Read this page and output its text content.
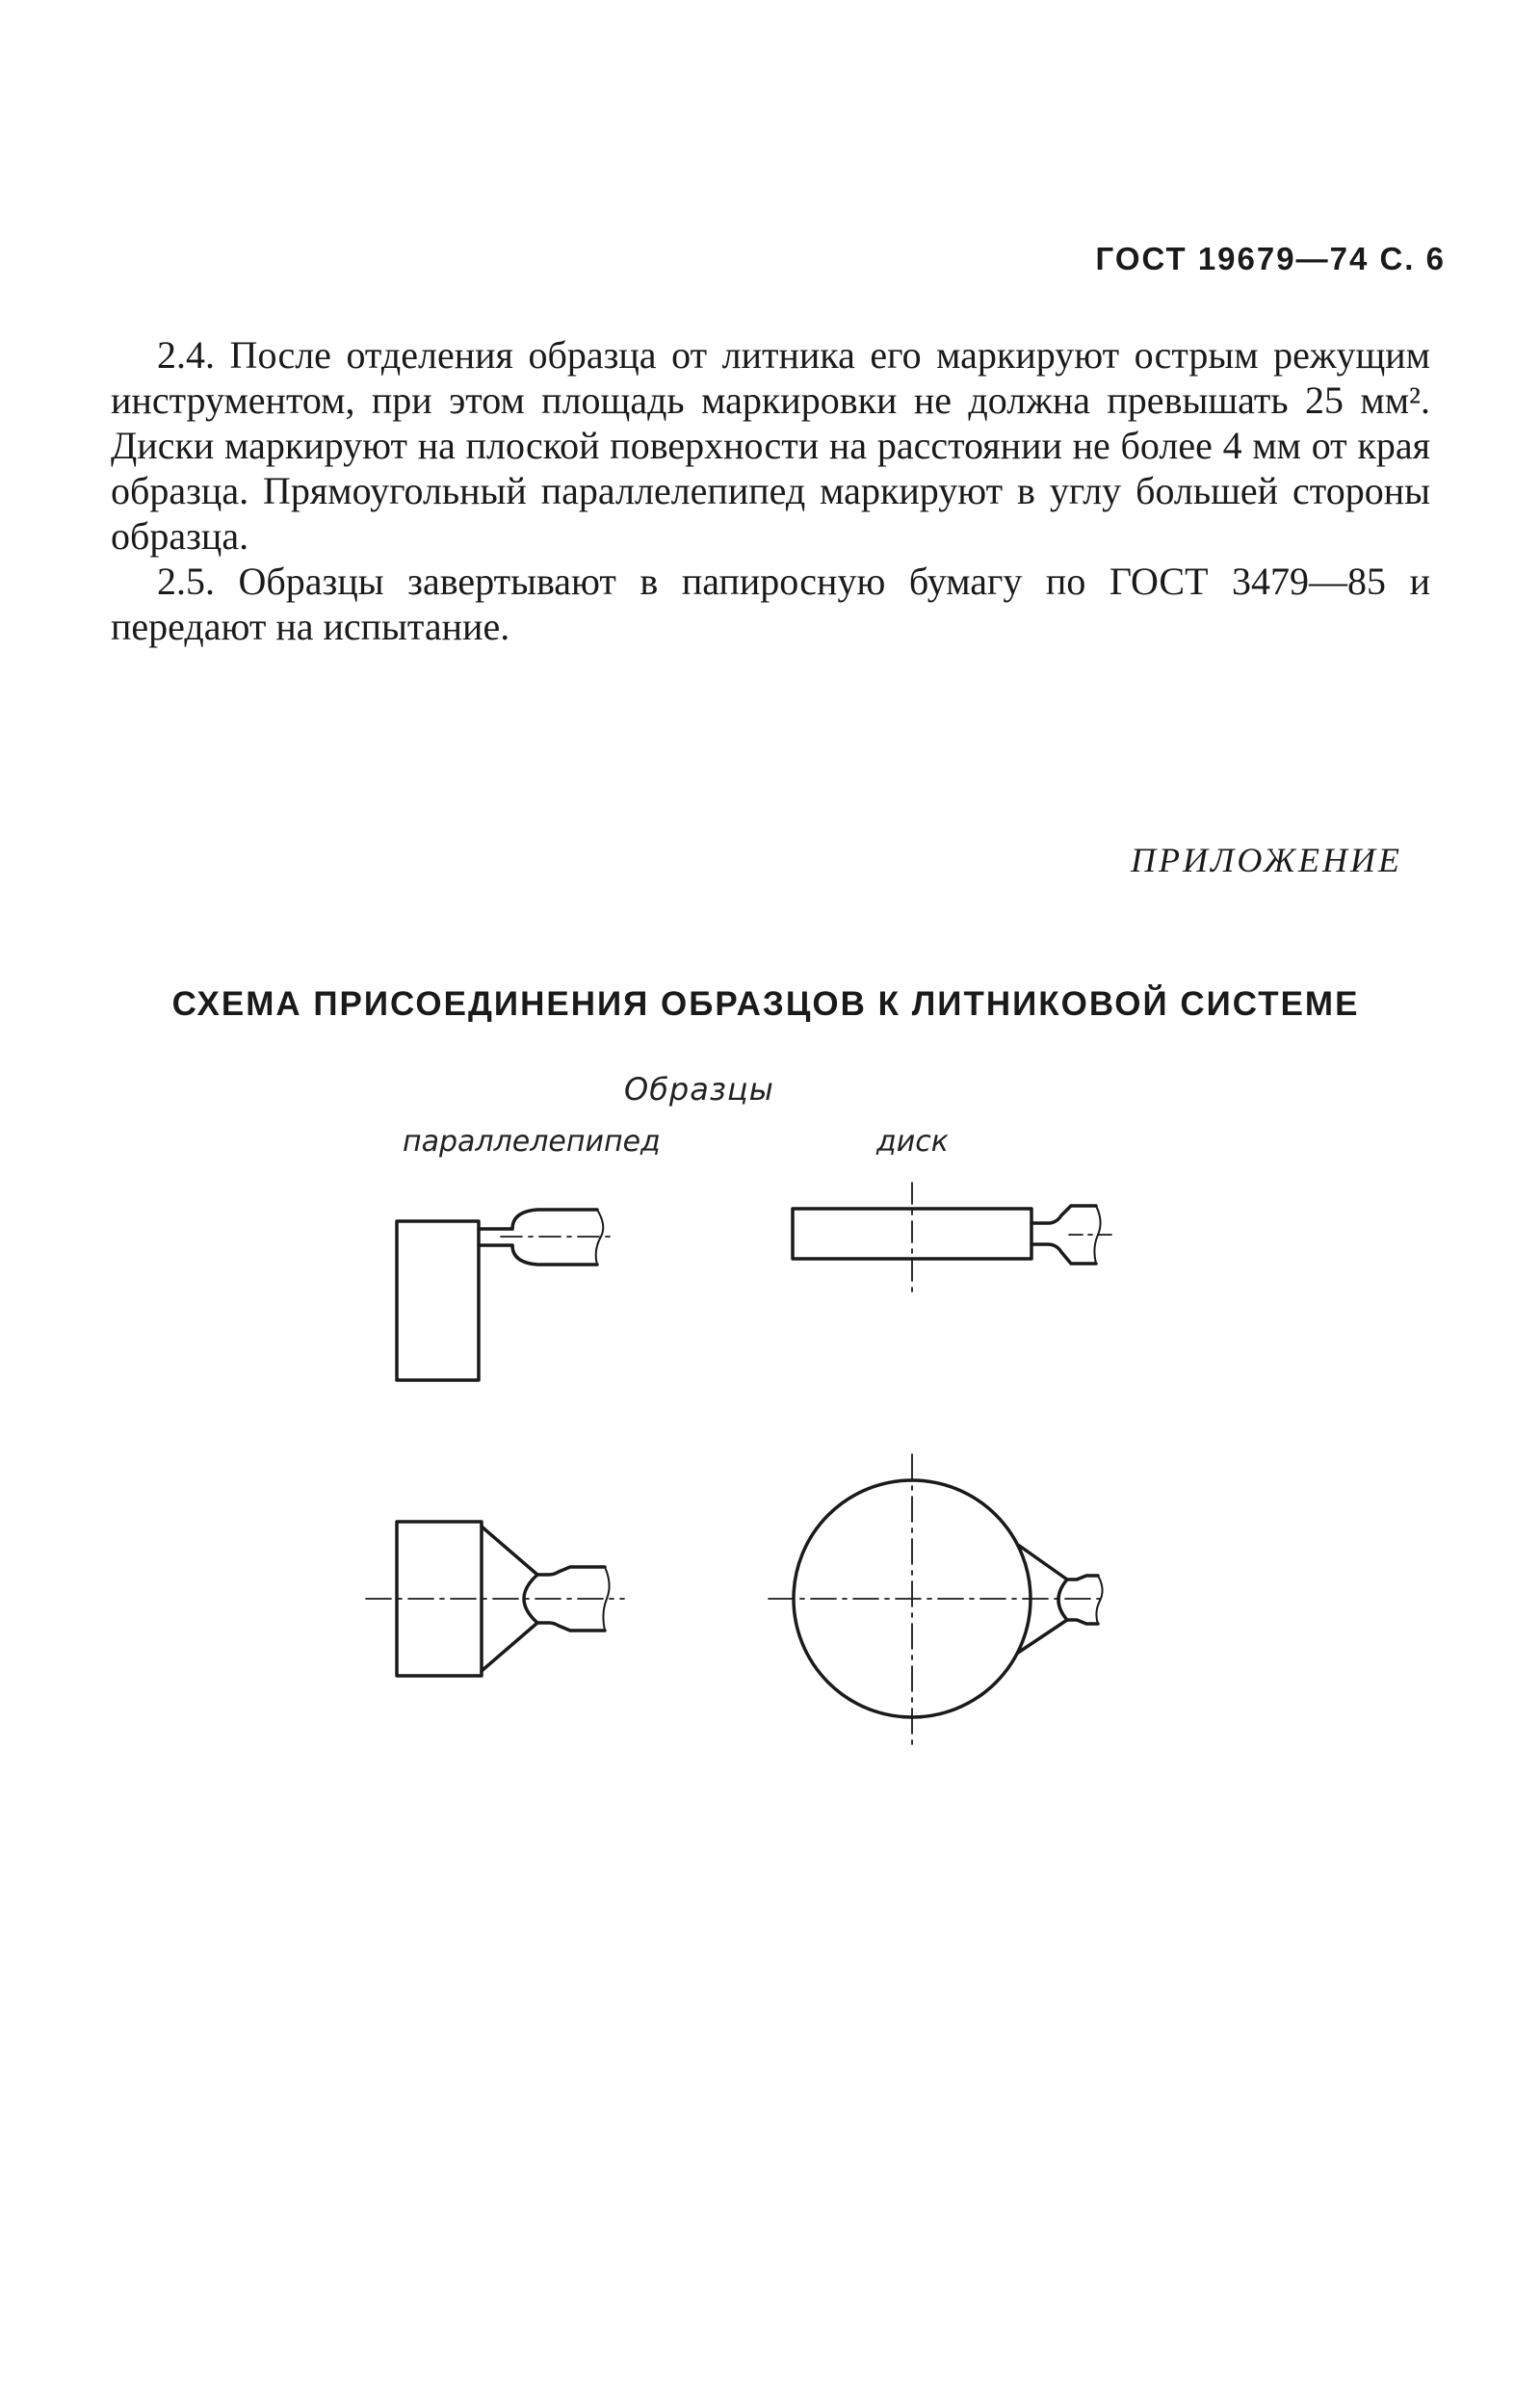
ГОСТ 19679—74 С. 6

2.4. После отделения образца от литника его маркируют острым режущим инструментом, при этом площадь маркировки не должна превышать 25 мм². Диски маркируют на плоской поверхности на расстоянии не более 4 мм от края образца. Прямоугольный параллелепипед маркируют в углу большей стороны образца.

2.5. Образцы завертывают в папиросную бумагу по ГОСТ 3479—85 и передают на испытание.

ПРИЛОЖЕНИЕ
СХЕМА ПРИСОЕДИНЕНИЯ ОБРАЗЦОВ К ЛИТНИКОВОЙ СИСТЕМЕ
Образцы
параллелепипед	диск
